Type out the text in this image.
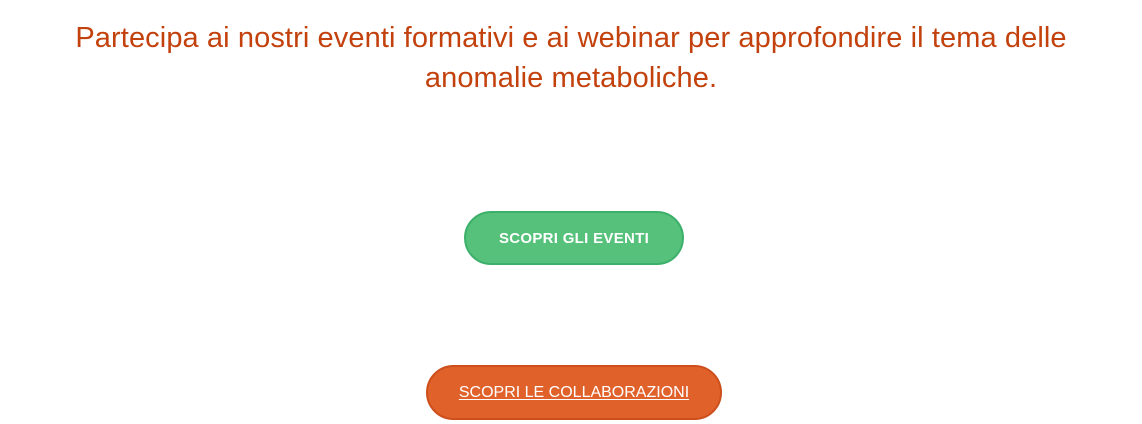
Partecipa ai nostri eventi formativi e ai webinar per approfondire il tema delle anomalie metaboliche.
SCOPRI GLI EVENTI
SCOPRI LE COLLABORAZIONI
